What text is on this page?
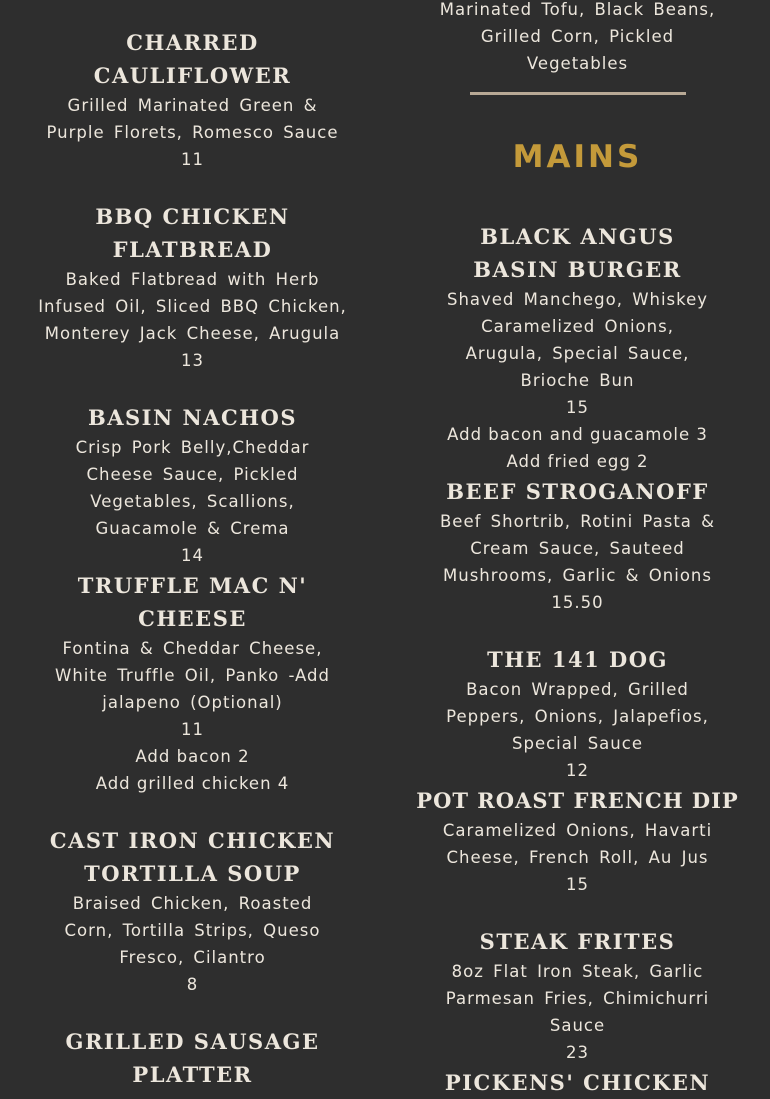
CHARRED CAULIFLOWER

Grilled Marinated Green & Purple Florets, Romesco Sauce

11

BBQ CHICKEN FLATBREAD

Baked Flatbread with Herb Infused Oil, Sliced BBQ Chicken, Monterey Jack Cheese, Arugula

13

BASIN NACHOS

Crisp Pork Belly,Cheddar Cheese Sauce, Pickled Vegetables, Scallions, Guacamole & Crema

14

TRUFFLE MAC N' CHEESE

Fontina & Cheddar Cheese, White Truffle Oil, Panko -Add jalapeno (Optional)

11

Add bacon 2

Add grilled chicken 4

CAST IRON CHICKEN TORTILLA SOUP

Braised Chicken, Roasted Corn, Tortilla Strips, Queso Fresco, Cilantro

8

GRILLED SAUSAGE PLATTER

Marinated Tofu, Black Beans, Grilled Corn, Pickled Vegetables

MAINS
BLACK ANGUS BASIN BURGER

Shaved Manchego, Whiskey Caramelized Onions, Arugula, Special Sauce, Brioche Bun

15

Add bacon and guacamole 3

Add fried egg 2

BEEF STROGANOFF

Beef Shortrib, Rotini Pasta & Cream Sauce, Sauteed Mushrooms, Garlic & Onions

15.50

THE 141 DOG

Bacon Wrapped, Grilled Peppers, Onions, Jalapefios, Special Sauce

12

POT ROAST FRENCH DIP

Caramelized Onions, Havarti Cheese, French Roll, Au Jus

15

STEAK FRITES

8oz Flat Iron Steak, Garlic Parmesan Fries, Chimichurri Sauce

23

PICKENS' CHICKEN
